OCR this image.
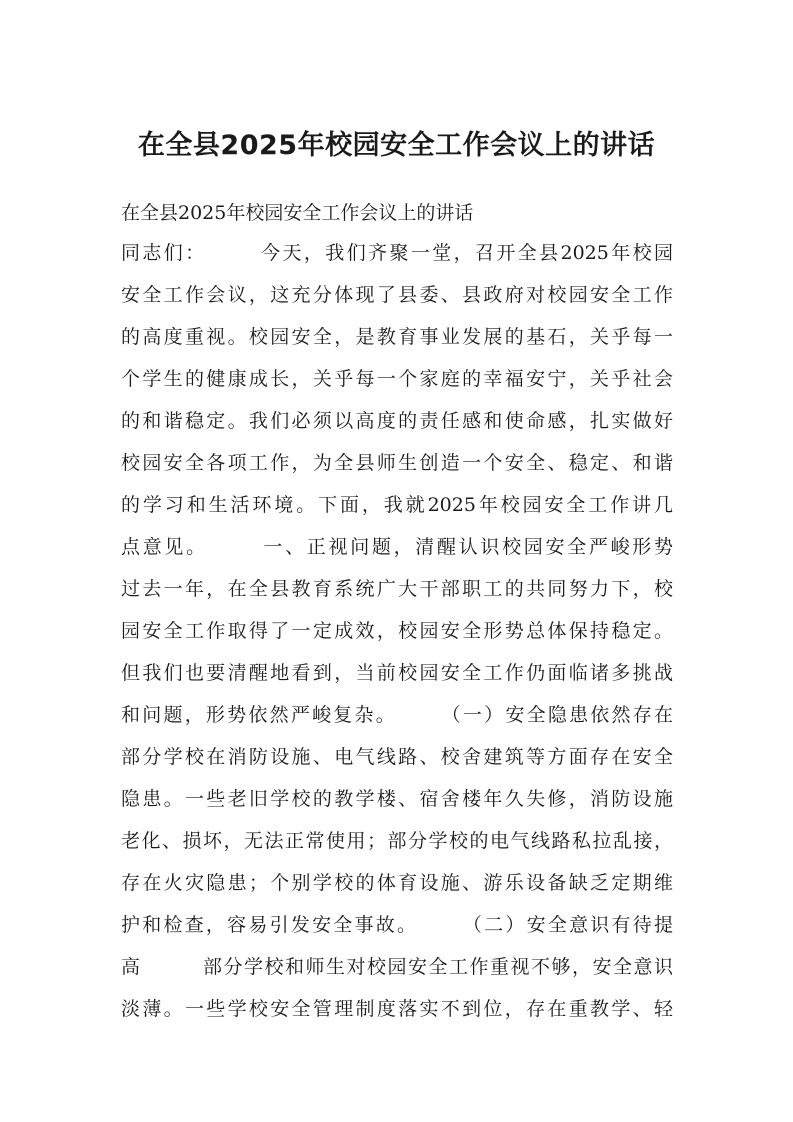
在全县2025年校园安全工作会议上的讲话

在全县2025年校园安全工作会议上的讲话

同志们：　　　今天，我们齐聚一堂，召开全县2025年校园

安全工作会议，这充分体现了县委、县政府对校园安全工作

的高度重视。校园安全，是教育事业发展的基石，关乎每一

个学生的健康成长，关乎每一个家庭的幸福安宁，关乎社会

的和谐稳定。我们必须以高度的责任感和使命感，扎实做好

校园安全各项工作，为全县师生创造一个安全、稳定、和谐

的学习和生活环境。下面，我就2025年校园安全工作讲几

点意见。　　　一、正视问题，清醒认识校园安全严峻形势

过去一年，在全县教育系统广大干部职工的共同努力下，校

园安全工作取得了一定成效，校园安全形势总体保持稳定。

但我们也要清醒地看到，当前校园安全工作仍面临诸多挑战

和问题，形势依然严峻复杂。　　　（一）安全隐患依然存在

部分学校在消防设施、电气线路、校舍建筑等方面存在安全

隐患。一些老旧学校的教学楼、宿舍楼年久失修，消防设施

老化、损坏，无法正常使用；部分学校的电气线路私拉乱接，

存在火灾隐患；个别学校的体育设施、游乐设备缺乏定期维

护和检查，容易引发安全事故。　　　（二）安全意识有待提

高　　　部分学校和师生对校园安全工作重视不够，安全意识

淡薄。一些学校安全管理制度落实不到位，存在重教学、轻
